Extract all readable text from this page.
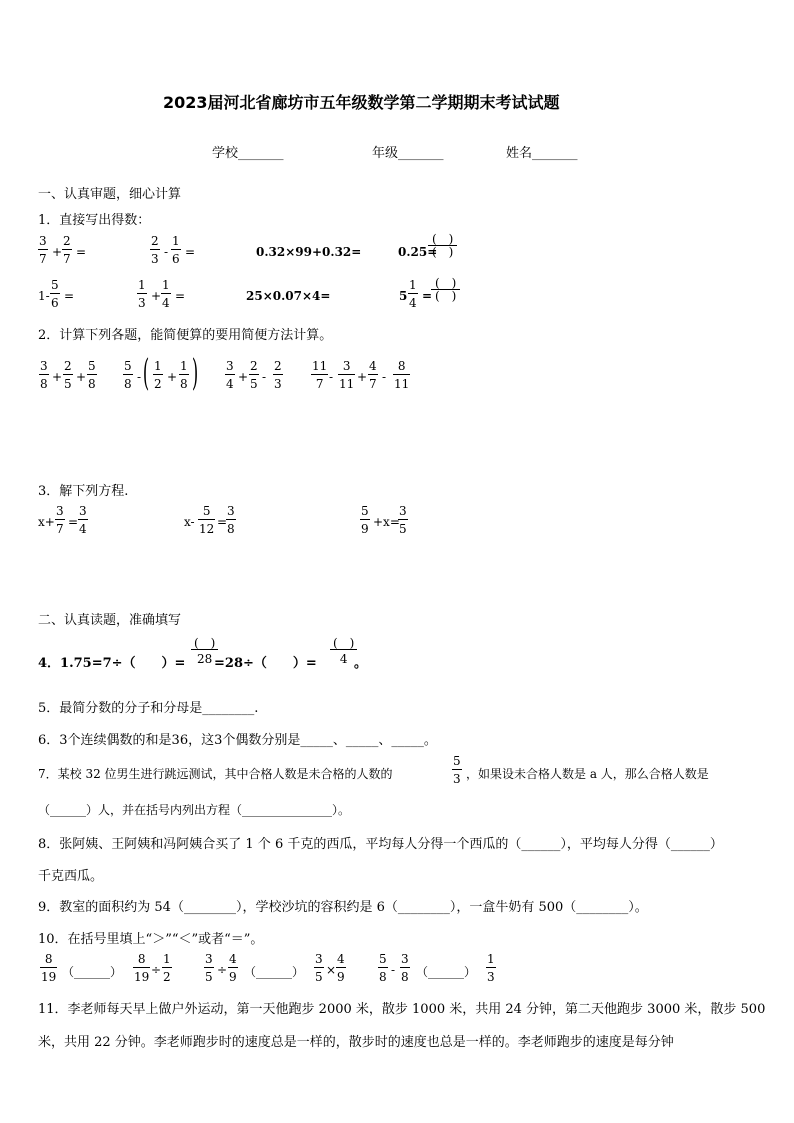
2023届河北省廊坊市五年级数学第二学期期末考试试题
学校_______	年级_______	姓名_______
一、认真审题，细心计算
1．直接写出得数：
$\frac{3}{7} + \frac{2}{7}$ =	$\frac{2}{3} - \frac{1}{6}$ =	0.32×99+0.32=	0.25=
(　)
(　)
$1- \frac{5}{6}$ =	$\frac{1}{3} + \frac{1}{4}$ =	25×0.07×4=	$5 \frac{1}{4}$ =
(　)
(　)
2．计算下列各题，能简便算的要用简便方法计算。
$\frac{3}{8} + \frac{2}{5} + \frac{5}{8} \frac{5}{8}$ - ( $\frac{1}{2} + \frac{1}{8}$ ) $\frac{3}{4} + \frac{2}{5} - \frac{2}{3} \frac{11}{7} - \frac{3}{11} + \frac{4}{7} - \frac{8}{11}$
3．解下列方程.
$x+ \frac{3}{7} = \frac{3}{4}$	$x- \frac{5}{12}$ =
$\frac{3}{8}$	$\frac{5}{9} +x=$
$\frac{3}{5}$
二、认真读题，准确填写
4．1.75=7÷（　　）=
(　)
28 =28÷（　　）=
(　)
4 。
5．最简分数的分子和分母是________.
6．3个连续偶数的和是36，这3个偶数分别是_____、_____、_____。
7．某校 32 位男生进行跳远测试，其中合格人数是未合格的人数的	$\frac{5}{3}$ ，如果设未合格人数是 a 人，那么合格人数是
（______）人，并在括号内列出方程（_______________）。
8．张阿姨、王阿姨和冯阿姨合买了 1 个 6 千克的西瓜，平均每人分得一个西瓜的（______），平均每人分得（______）
千克西瓜。
9．教室的面积约为 54（________），学校沙坑的容积约是 6（________），一盒牛奶有 500（________）。
10．在括号里填上“＞”“＜”或者“＝”。
$\frac{8}{19}$ （______） $\frac{8}{19} \div \frac{1}{2}$	$\frac{3}{5} \div \frac{4}{9}$ （______） $\frac{3}{5} \times \frac{4}{9}$	$\frac{5}{8} - \frac{3}{8}$ （______） $\frac{1}{3}$
11．李老师每天早上做户外运动，第一天他跑步 2000 米，散步 1000 米，共用 24 分钟，第二天他跑步 3000 米，散步 500
米，共用 22 分钟。李老师跑步时的速度总是一样的，散步时的速度也总是一样的。李老师跑步的速度是每分钟
